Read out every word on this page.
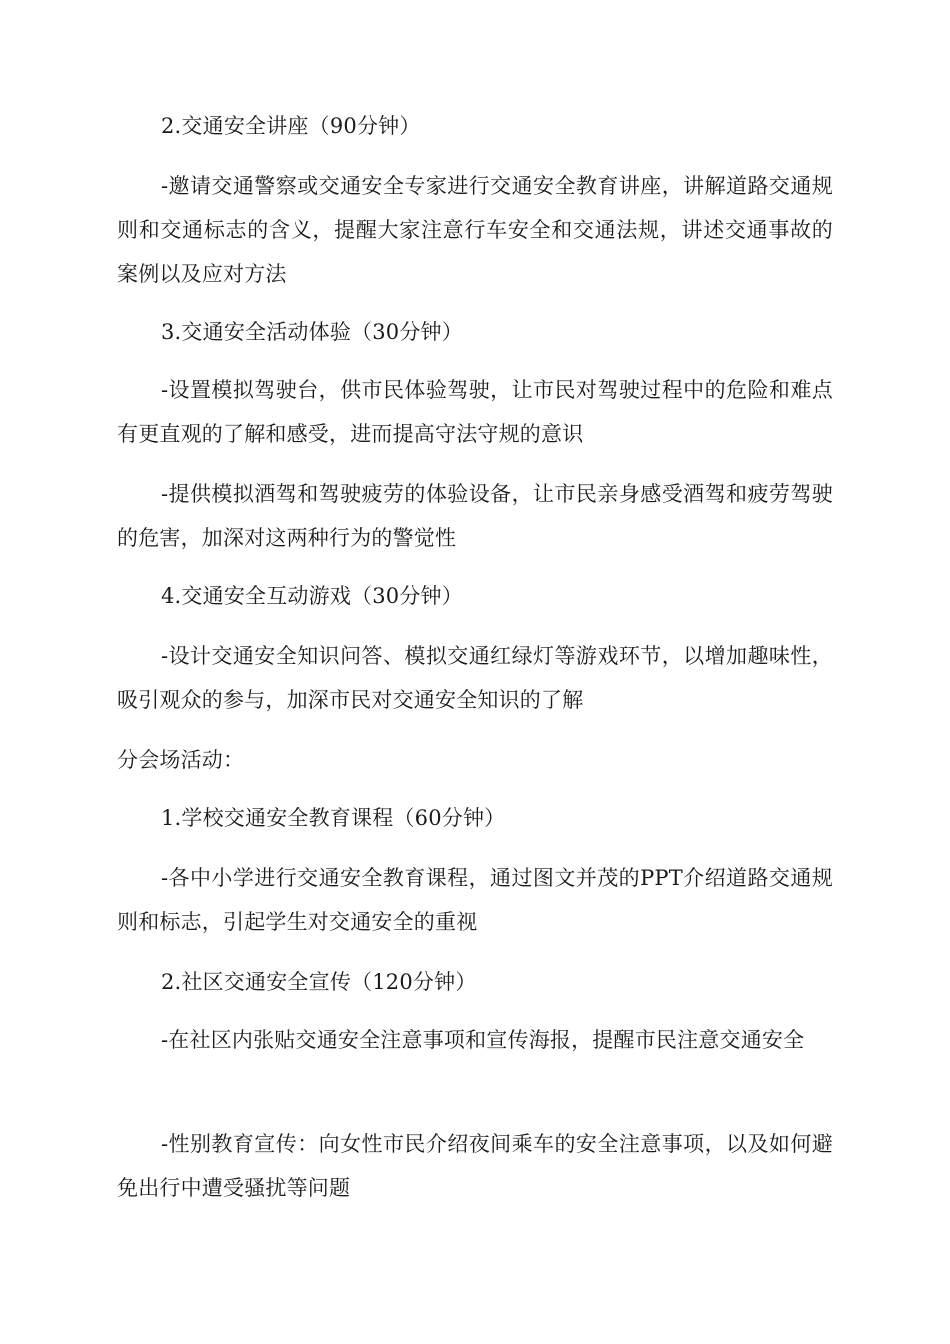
2.交通安全讲座（90分钟）

-邀请交通警察或交通安全专家进行交通安全教育讲座，讲解道路交通规则和交通标志的含义，提醒大家注意行车安全和交通法规，讲述交通事故的案例以及应对方法

3.交通安全活动体验（30分钟）

-设置模拟驾驶台，供市民体验驾驶，让市民对驾驶过程中的危险和难点有更直观的了解和感受，进而提高守法守规的意识

-提供模拟酒驾和驾驶疲劳的体验设备，让市民亲身感受酒驾和疲劳驾驶的危害，加深对这两种行为的警觉性

4.交通安全互动游戏（30分钟）

-设计交通安全知识问答、模拟交通红绿灯等游戏环节，以增加趣味性，吸引观众的参与，加深市民对交通安全知识的了解

分会场活动：

1.学校交通安全教育课程（60分钟）

-各中小学进行交通安全教育课程，通过图文并茂的PPT介绍道路交通规则和标志，引起学生对交通安全的重视

2.社区交通安全宣传（120分钟）

-在社区内张贴交通安全注意事项和宣传海报，提醒市民注意交通安全

-性别教育宣传：向女性市民介绍夜间乘车的安全注意事项，以及如何避免出行中遭受骚扰等问题
